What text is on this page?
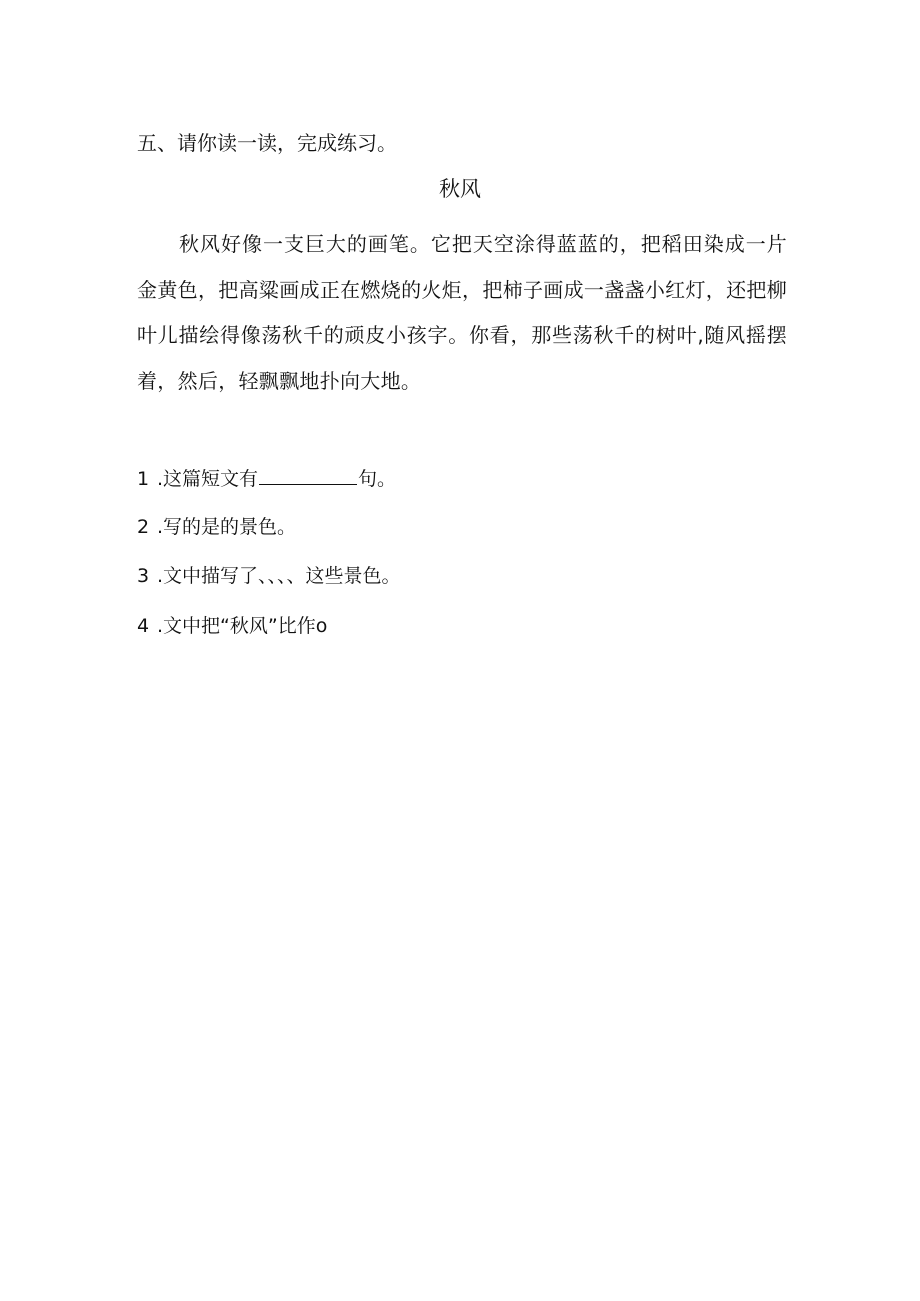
五、请你读一读，完成练习。
秋风

秋风好像一支巨大的画笔。它把天空涂得蓝蓝的，把稻田染成一片金黄色，把高粱画成正在燃烧的火炬，把柿子画成一盏盏小红灯，还把柳叶儿描绘得像荡秋千的顽皮小孩字。你看，那些荡秋千的树叶,随风摇摆着，然后，轻飘飘地扑向大地。

1 .这篇短文有	句。
2 .写的是的景色。
3 .文中描写了、、、、这些景色。
4 .文中把“秋风”比作o
